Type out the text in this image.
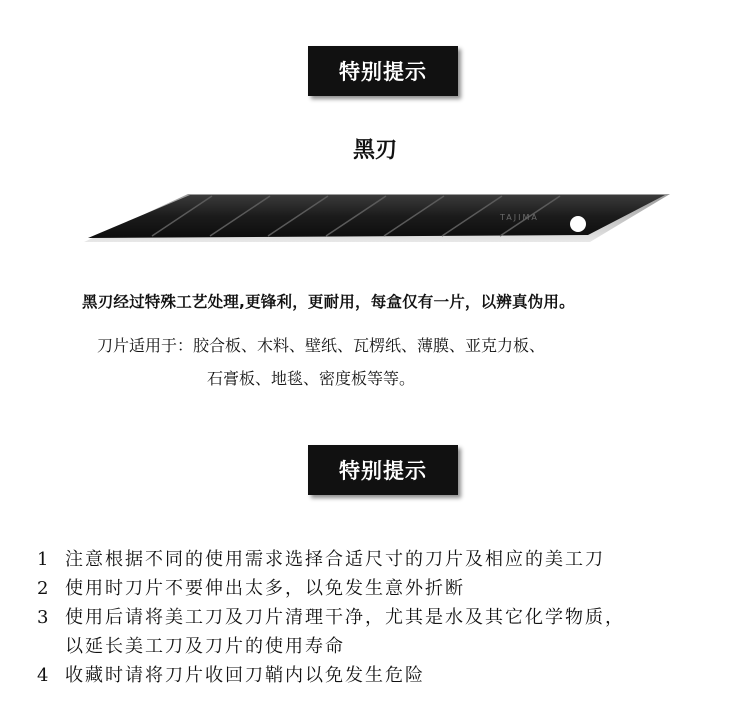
特别提示
黑刃
TAJIMA
黑刃经过特殊工艺处理,更锋利，更耐用，每盒仅有一片，以辨真伪用。
刀片适用于：胶合板、木料、壁纸、瓦楞纸、薄膜、亚克力板、
石膏板、地毯、密度板等等。
特别提示
1 注意根据不同的使用需求选择合适尺寸的刀片及相应的美工刀
2 使用时刀片不要伸出太多，以免发生意外折断
3 使用后请将美工刀及刀片清理干净，尤其是水及其它化学物质，
以延长美工刀及刀片的使用寿命
4 收藏时请将刀片收回刀鞘内以免发生危险
